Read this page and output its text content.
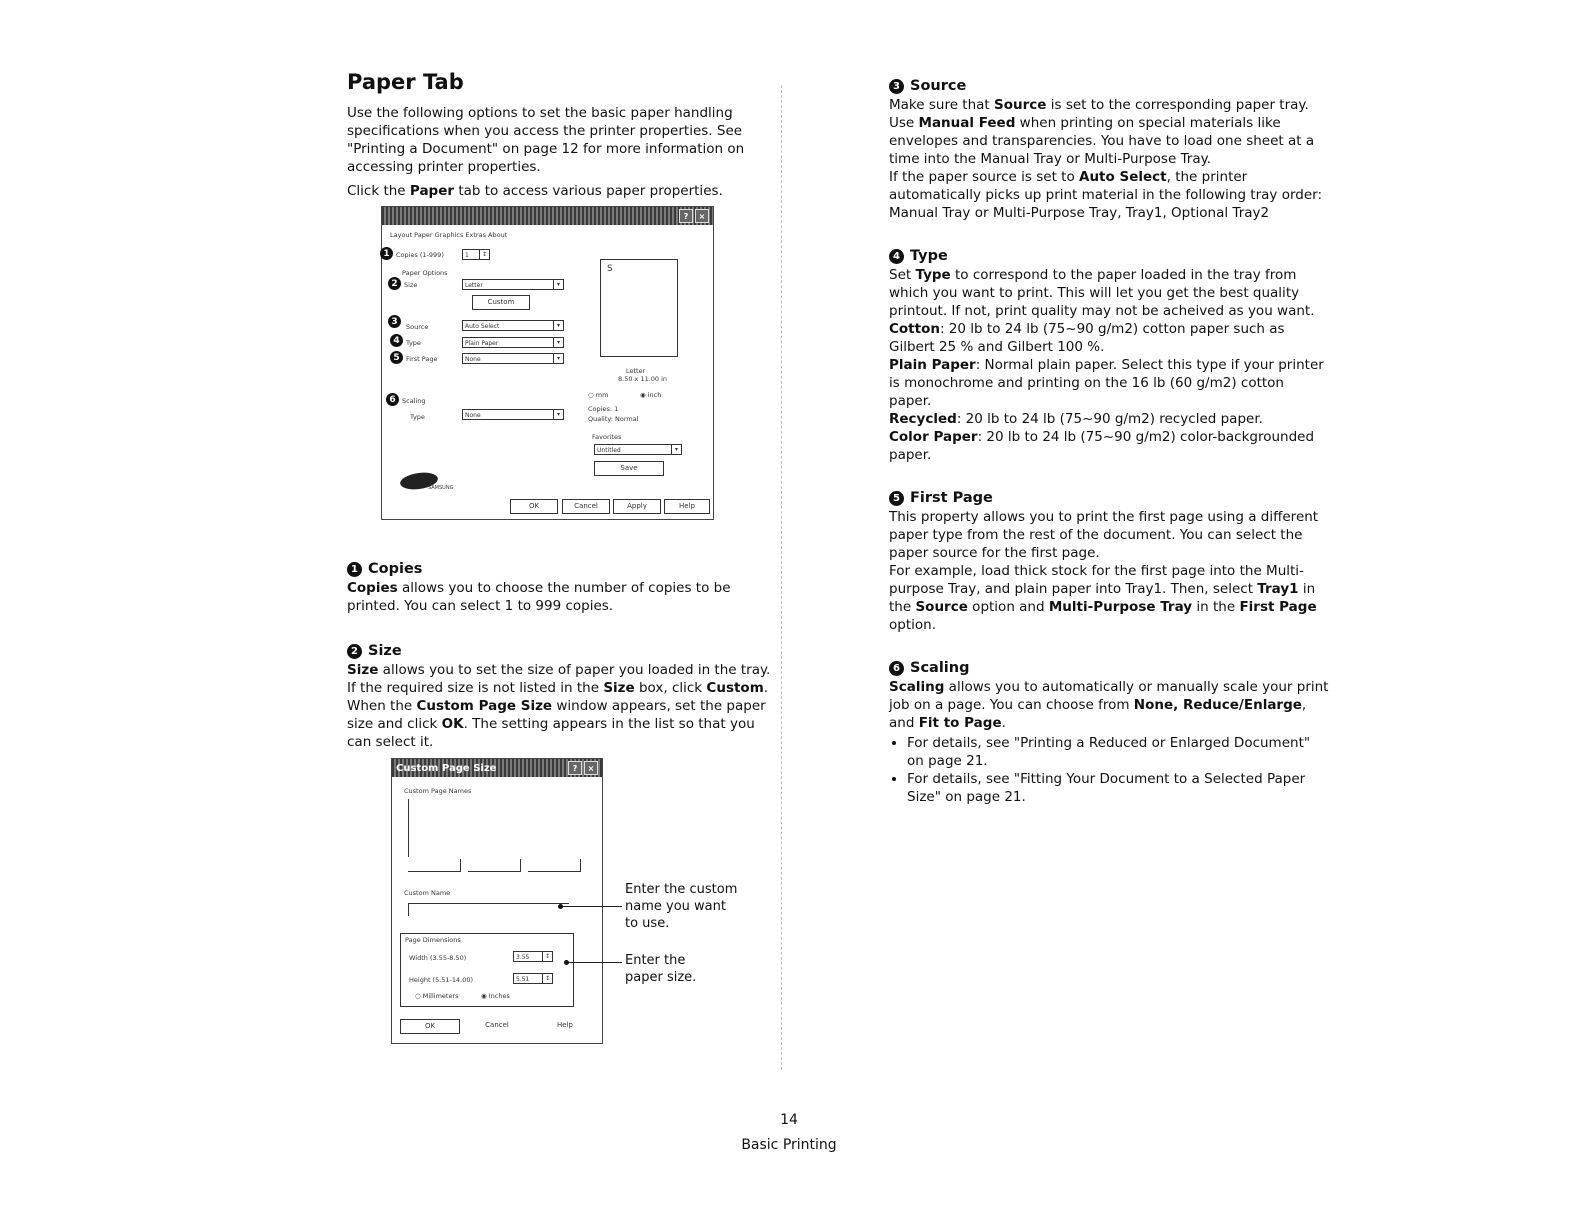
Paper Tab

Use the following options to set the basic paper handling specifications when you access the printer properties. See "Printing a Document" on page 12 for more information on accessing printer properties.

Click the Paper tab to access various paper properties.

?	×
Layout Paper Graphics Extras About
1 Copies (1-999)	1	↕
Paper Options
2 Size	Letter	▾
Custom
3
Source	Auto Select	▾
4 Type	Plain Paper	▾
5 First Page	None	▾
6 Scaling
Type	None	▾
S
Letter
8.50 x 11.00 in
○ mm	◉ inch
Copies: 1
Quality: Normal
Favorites
Untitled	▾
Save
SAMSUNG
OK	Cancel	Apply	Help
1 Copies

Copies allows you to choose the number of copies to be printed. You can select 1 to 999 copies.

2 Size

Size allows you to set the size of paper you loaded in the tray. If the required size is not listed in the Size box, click Custom. When the Custom Page Size window appears, set the paper size and click OK. The setting appears in the list so that you can select it.

Custom Page Size	?	×
Custom Page Names
Custom Name
Page Dimensions
Width (3.55-8.50)	3.55	↕
Height (5.51-14.00)	5.51	↕
○ Millimeters	◉ Inches
OK	Cancel	Help
Enter the custom name you want to use.
Enter the paper size.
3 Source

Make sure that Source is set to the corresponding paper tray. Use Manual Feed when printing on special materials like envelopes and transparencies. You have to load one sheet at a time into the Manual Tray or Multi-Purpose Tray.
If the paper source is set to Auto Select, the printer automatically picks up print material in the following tray order: Manual Tray or Multi-Purpose Tray, Tray1, Optional Tray2

4 Type

Set Type to correspond to the paper loaded in the tray from which you want to print. This will let you get the best quality printout. If not, print quality may not be acheived as you want.
Cotton: 20 lb to 24 lb (75~90 g/m2) cotton paper such as Gilbert 25 % and Gilbert 100 %.
Plain Paper: Normal plain paper. Select this type if your printer is monochrome and printing on the 16 lb (60 g/m2) cotton paper.
Recycled: 20 lb to 24 lb (75~90 g/m2) recycled paper.
Color Paper: 20 lb to 24 lb (75~90 g/m2) color-backgrounded paper.

5 First Page

This property allows you to print the first page using a different paper type from the rest of the document. You can select the paper source for the first page.
For example, load thick stock for the first page into the Multi-purpose Tray, and plain paper into Tray1. Then, select Tray1 in the Source option and Multi-Purpose Tray in the First Page option.

6 Scaling

Scaling allows you to automatically or manually scale your print job on a page. You can choose from None, Reduce/Enlarge, and Fit to Page.

• For details, see "Printing a Reduced or Enlarged Document" on page 21.
• For details, see "Fitting Your Document to a Selected Paper Size" on page 21.
14
Basic Printing
